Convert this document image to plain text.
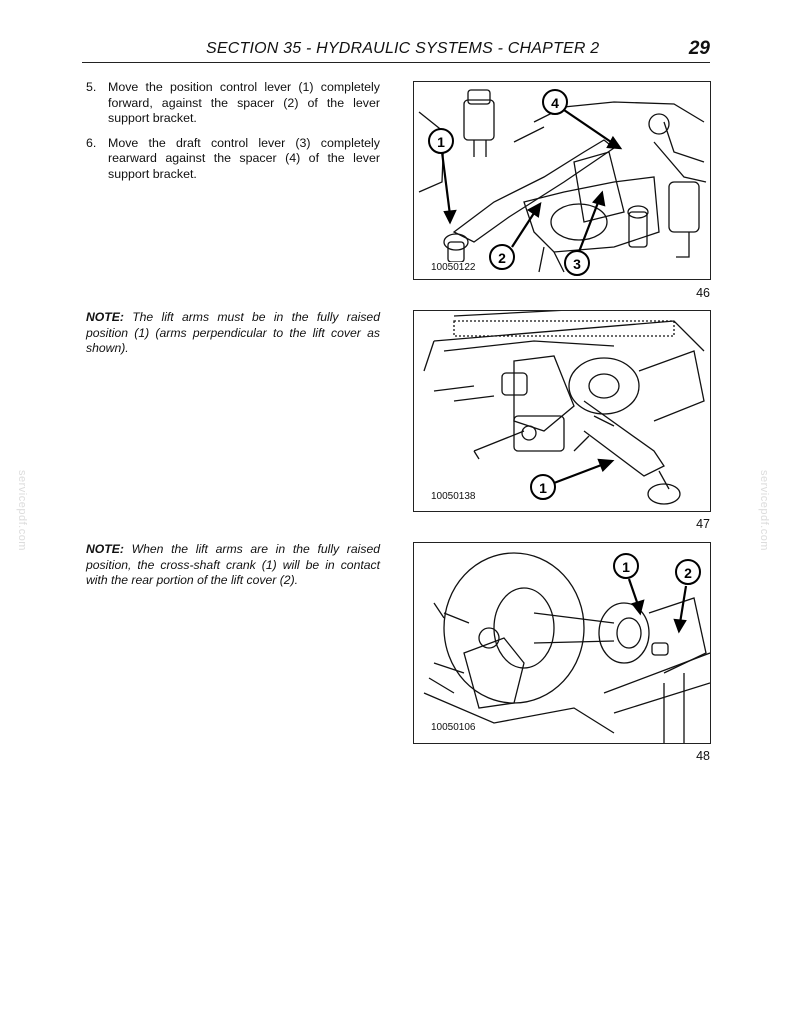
SECTION 35 - HYDRAULIC SYSTEMS - CHAPTER 2	29
5. Move the position control lever (1) completely forward, against the spacer (2) of the lever support bracket.
6. Move the draft control lever (3) completely rearward against the spacer (4) of the lever support bracket.

NOTE: The lift arms must be in the fully raised position (1) (arms perpendicular to the lift cover as shown).

NOTE: When the lift arms are in the fully raised position, the cross-shaft crank (1) will be in contact with the rear portion of the lift cover (2).

1
2	3
4
10050122
46
1
10050138
47
1	2
10050106
48
servicepdf.com	servicepdf.com
